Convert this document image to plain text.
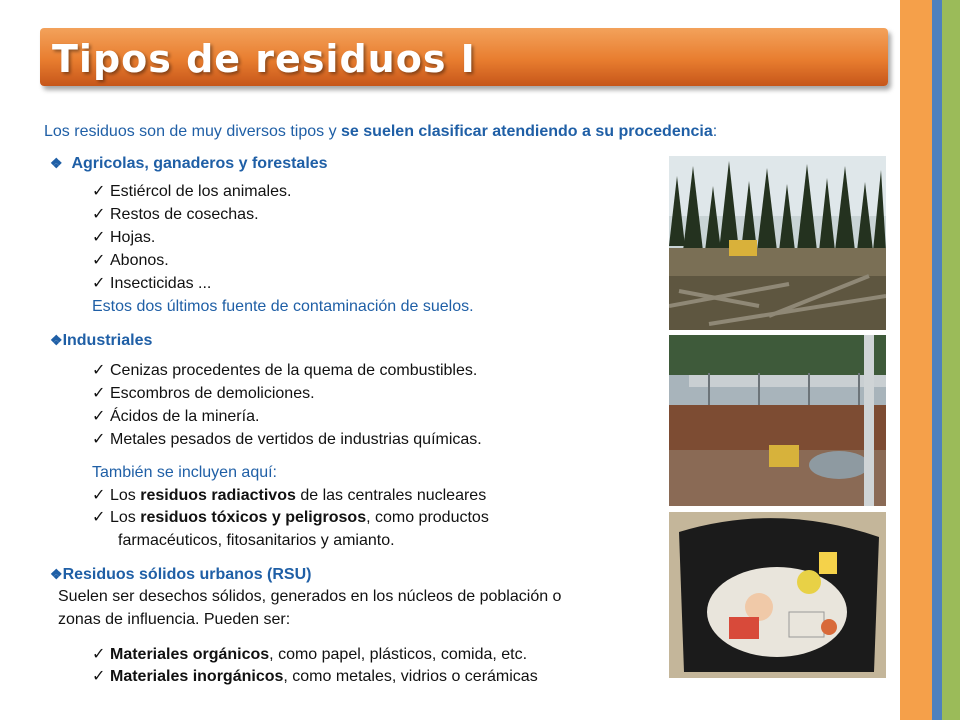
Tipos de residuos I
Los residuos son de muy diversos tipos y se suelen clasificar atendiendo a su procedencia:
❖ Agricolas, ganaderos y forestales
✓ Estiércol de los animales.
✓ Restos de cosechas.
✓ Hojas.
✓ Abonos.
✓ Insecticidas ...
Estos dos últimos fuente de contaminación de suelos.
❖Industriales
✓ Cenizas procedentes de la quema de combustibles.
✓ Escombros de demoliciones.
✓ Ácidos de la minería.
✓ Metales pesados de vertidos de industrias químicas.
También se incluyen aquí:
✓ Los residuos radiactivos de las centrales nucleares
✓ Los residuos tóxicos y peligrosos, como productos
farmacéuticos, fitosanitarios y amianto.
❖Residuos sólidos urbanos (RSU)
Suelen ser desechos sólidos, generados en los núcleos de población o
zonas de influencia. Pueden ser:
✓ Materiales orgánicos, como papel, plásticos, comida, etc.
✓ Materiales inorgánicos, como metales, vidrios o cerámicas
